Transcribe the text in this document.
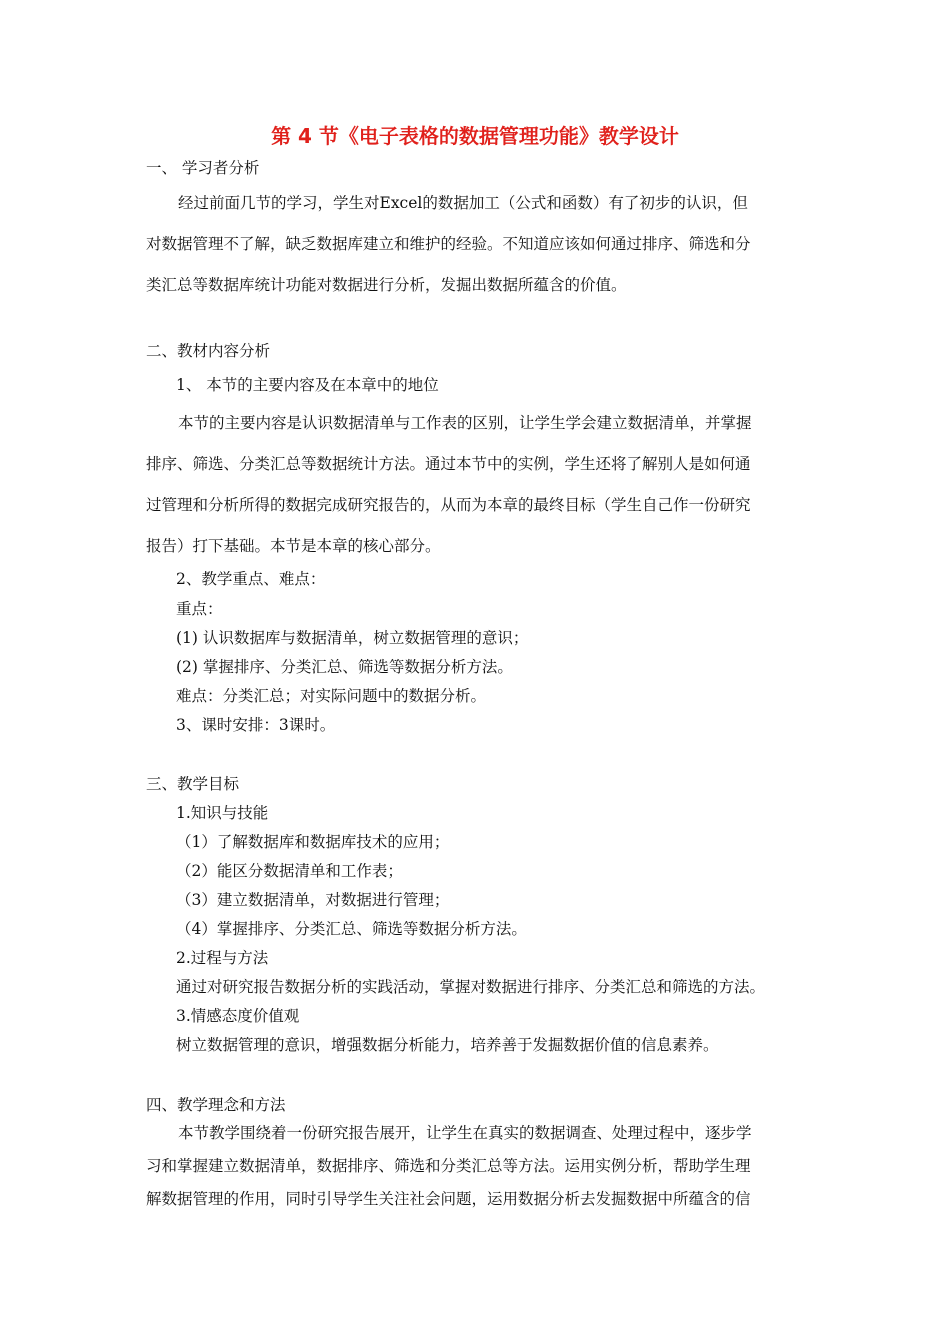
第 4 节《电子表格的数据管理功能》教学设计
一、 学习者分析
经过前面几节的学习，学生对Excel的数据加工（公式和函数）有了初步的认识，但
对数据管理不了解，缺乏数据库建立和维护的经验。不知道应该如何通过排序、筛选和分
类汇总等数据库统计功能对数据进行分析，发掘出数据所蕴含的价值。
二、教材内容分析
1、 本节的主要内容及在本章中的地位
本节的主要内容是认识数据清单与工作表的区别，让学生学会建立数据清单，并掌握
排序、筛选、分类汇总等数据统计方法。通过本节中的实例，学生还将了解别人是如何通
过管理和分析所得的数据完成研究报告的，从而为本章的最终目标（学生自己作一份研究
报告）打下基础。本节是本章的核心部分。
2、教学重点、难点：
重点：
(1) 认识数据库与数据清单，树立数据管理的意识；
(2) 掌握排序、分类汇总、筛选等数据分析方法。
难点：分类汇总；对实际问题中的数据分析。
3、课时安排：3课时。
三、教学目标
1.知识与技能
（1）了解数据库和数据库技术的应用；
（2）能区分数据清单和工作表；
（3）建立数据清单，对数据进行管理；
（4）掌握排序、分类汇总、筛选等数据分析方法。
2.过程与方法
通过对研究报告数据分析的实践活动，掌握对数据进行排序、分类汇总和筛选的方法。
3.情感态度价值观
树立数据管理的意识，增强数据分析能力，培养善于发掘数据价值的信息素养。
四、教学理念和方法
本节教学围绕着一份研究报告展开，让学生在真实的数据调查、处理过程中，逐步学
习和掌握建立数据清单，数据排序、筛选和分类汇总等方法。运用实例分析，帮助学生理
解数据管理的作用，同时引导学生关注社会问题，运用数据分析去发掘数据中所蕴含的信
